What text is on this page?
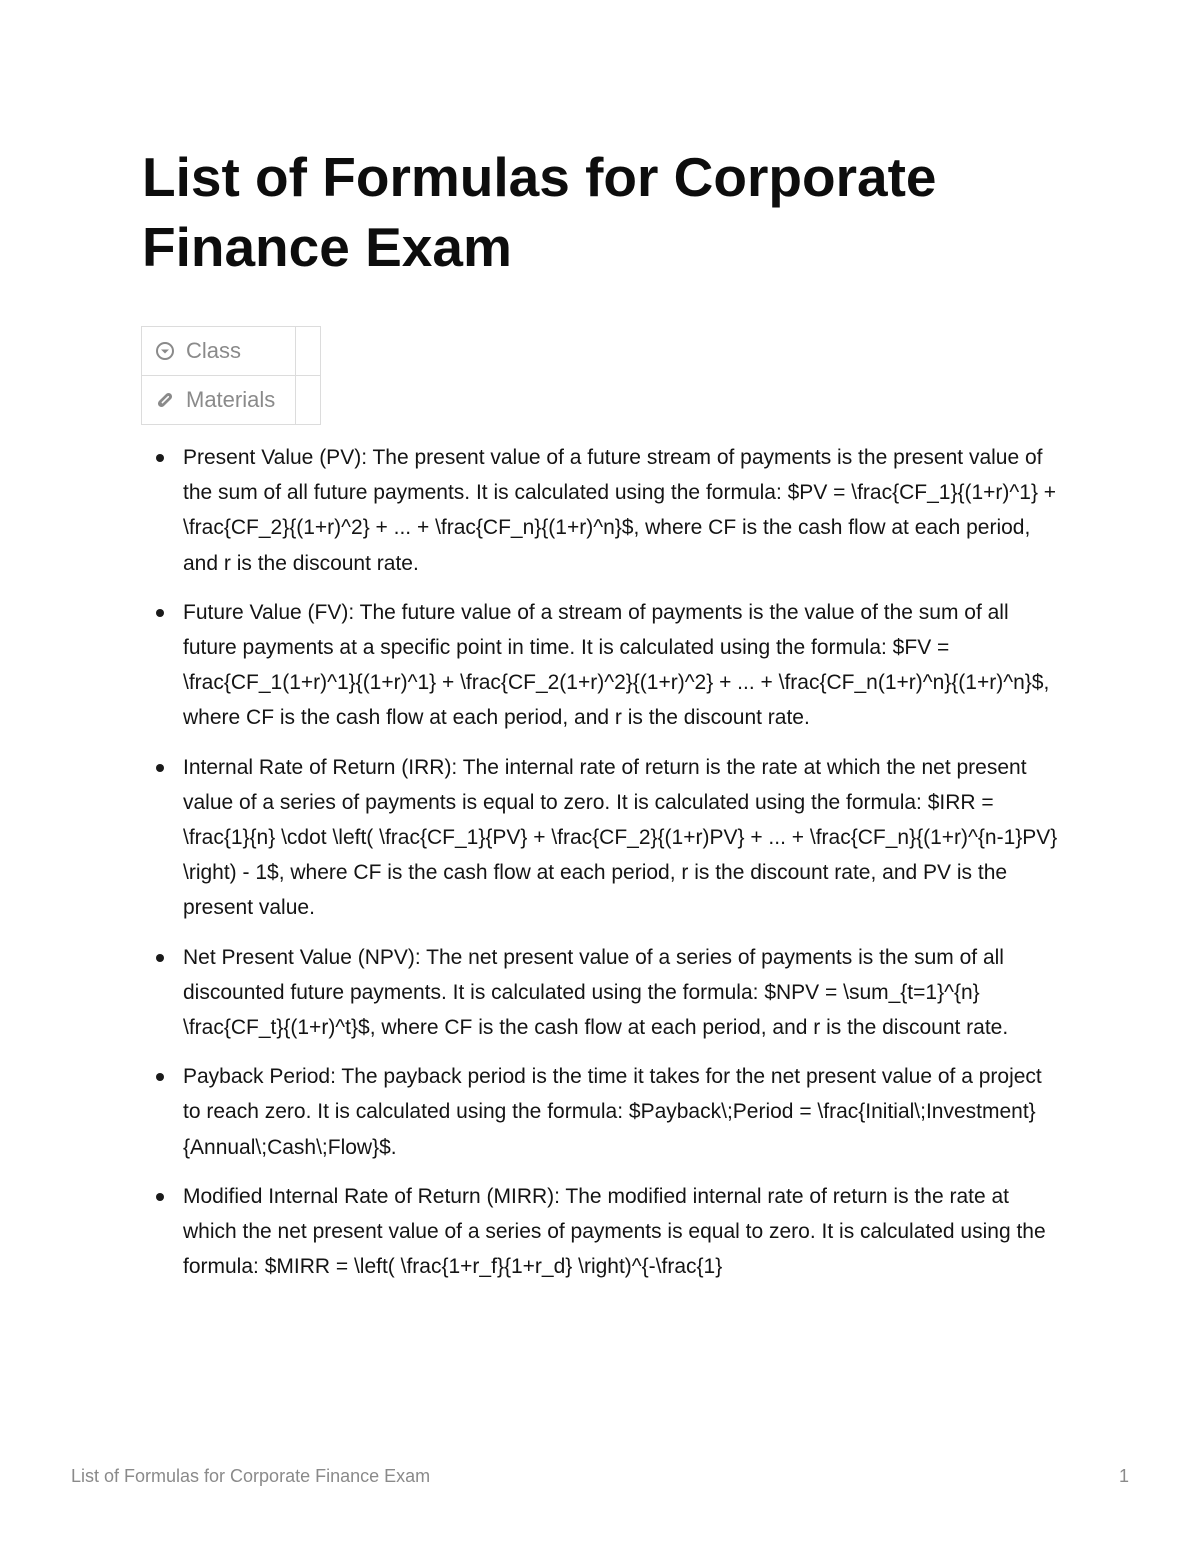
List of Formulas for Corporate Finance Exam
Class	

Materials	

Present Value (PV): The present value of a future stream of payments is the present value of the sum of all future payments. It is calculated using the formula: $PV = \frac{CF_1}{(1+r)^1} + \frac{CF_2}{(1+r)^2} + ... + \frac{CF_n}{(1+r)^n}$, where CF is the cash flow at each period, and r is the discount rate.
Future Value (FV): The future value of a stream of payments is the value of the sum of all future payments at a specific point in time. It is calculated using the formula: $FV = \frac{CF_1(1+r)^1}{(1+r)^1} + \frac{CF_2(1+r)^2}{(1+r)^2} + ... + \frac{CF_n(1+r)^n}{(1+r)^n}$, where CF is the cash flow at each period, and r is the discount rate.
Internal Rate of Return (IRR): The internal rate of return is the rate at which the net present value of a series of payments is equal to zero. It is calculated using the formula: $IRR = \frac{1}{n} \cdot \left( \frac{CF_1}{PV} + \frac{CF_2}{(1+r)PV} + ... + \frac{CF_n}{(1+r)^{n-1}PV} \right) - 1$, where CF is the cash flow at each period, r is the discount rate, and PV is the present value.
Net Present Value (NPV): The net present value of a series of payments is the sum of all discounted future payments. It is calculated using the formula: $NPV = \sum_{t=1}^{n} \frac{CF_t}{(1+r)^t}$, where CF is the cash flow at each period, and r is the discount rate.
Payback Period: The payback period is the time it takes for the net present value of a project to reach zero. It is calculated using the formula: $Payback\;Period = \frac{Initial\;Investment}{Annual\;Cash\;Flow}$.
Modified Internal Rate of Return (MIRR): The modified internal rate of return is the rate at which the net present value of a series of payments is equal to zero. It is calculated using the formula: $MIRR = \left( \frac{1+r_f}{1+r_d} \right)^{-\frac{1}
List of Formulas for Corporate Finance Exam	1
